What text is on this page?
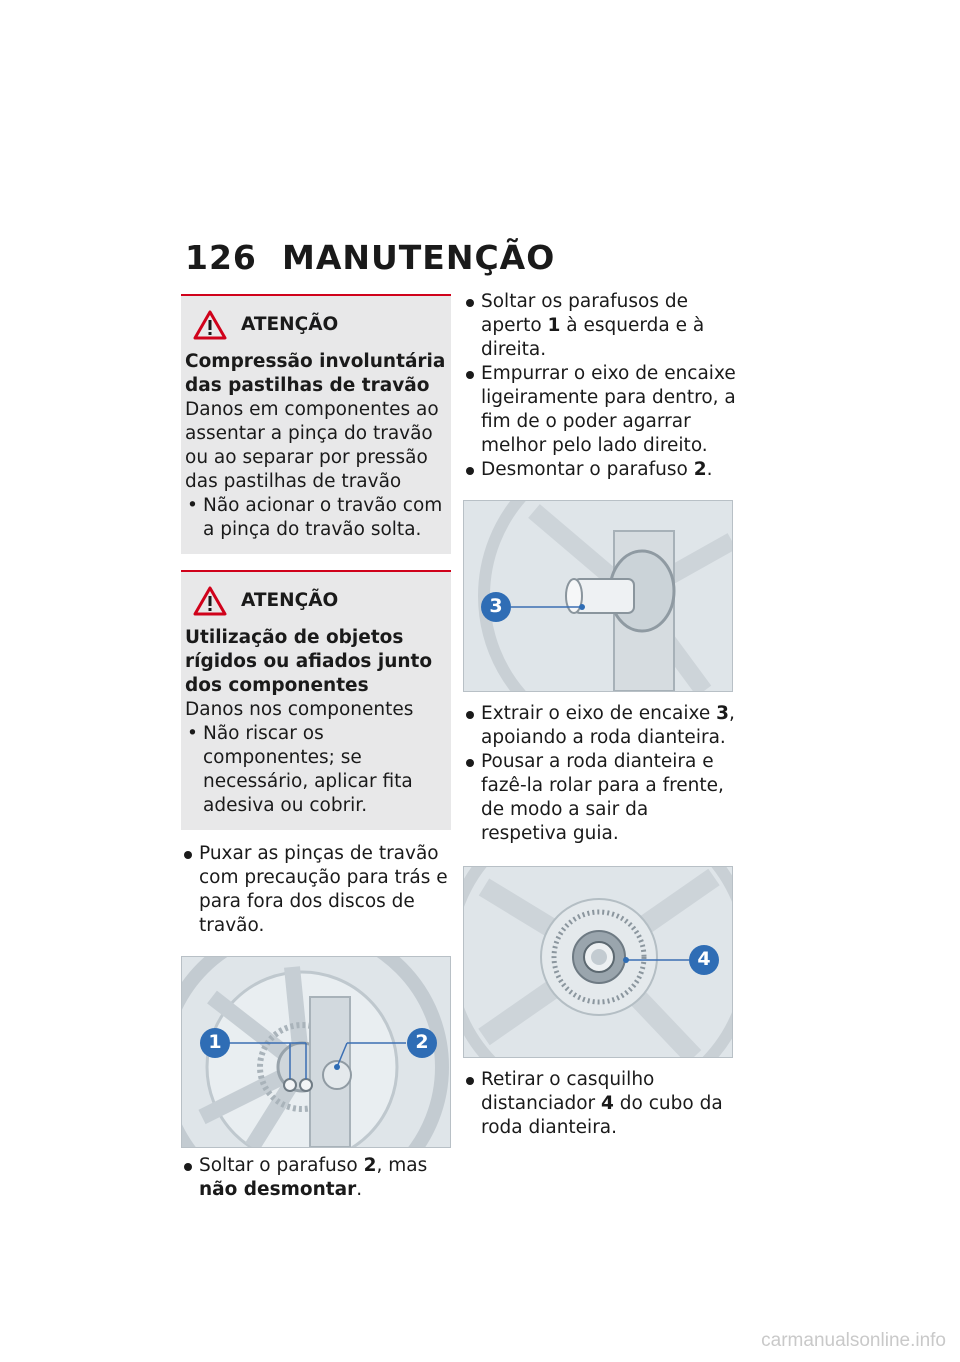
126 MANUTENÇÃO
ATENÇÃO
Compressão involuntária das pastilhas de travão
Danos em componentes ao assentar a pinça do travão ou ao separar por pressão das pastilhas de travão
• Não acionar o travão com a pinça do travão solta.
ATENÇÃO
Utilização de objetos rígidos ou afiados junto dos componentes
Danos nos componentes
• Não riscar os componentes; se necessário, aplicar fita adesiva ou cobrir.
Puxar as pinças de travão com precaução para trás e para fora dos discos de travão.
1	2
Soltar o parafuso 2, mas não desmontar.
Soltar os parafusos de aperto 1 à esquerda e à direita.
Empurrar o eixo de encaixe ligeiramente para dentro, a fim de o poder agarrar melhor pelo lado direito.
Desmontar o parafuso 2.
3
Extrair o eixo de encaixe 3, apoiando a roda dianteira.
Pousar a roda dianteira e fazê-la rolar para a frente, de modo a sair da respetiva guia.
4
Retirar o casquilho distanciador 4 do cubo da roda dianteira.
carmanualsonline.info
